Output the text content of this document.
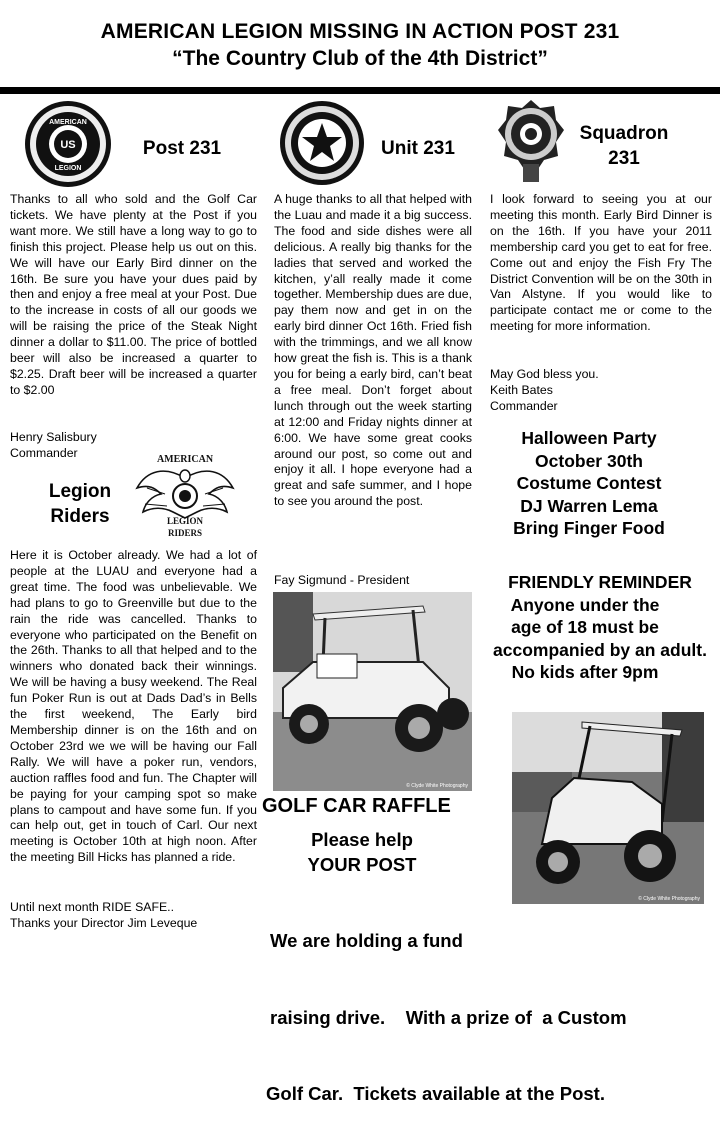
AMERICAN LEGION MISSING IN ACTION POST 231
“The Country Club of the 4th District”
US
AMERICAN
LEGION
Post 231	Unit 231
Squadron
231
Thanks to all who sold and the Golf Car tickets. We have plenty at the Post if you want more. We still have a long way to go to finish this project. Please help us out on this. We will have our Early Bird dinner on the 16th. Be sure you have your dues paid by then and enjoy a free meal at your Post. Due to the increase in costs of all our goods we will be raising the price of the Steak Night dinner a dollar to $11.00. The price of bottled beer will also be increased a quarter to $2.25. Draft beer will be increased a quarter to $2.00
Henry Salisbury
Commander
Legion
Riders
AMERICAN
LEGION
RIDERS
Here it is October already. We had a lot of people at the LUAU and everyone had a great time. The food was unbelievable. We had plans to go to Greenville but due to the rain the ride was cancelled. Thanks to everyone who participated on the Benefit on the 26th. Thanks to all that helped and to the winners who donated back their winnings. We will be having a busy weekend. The Real fun Poker Run is out at Dads Dad’s in Bells the first weekend, The Early bird Membership dinner is on the 16th and on October 23rd we we will be having our Fall Rally. We will have a poker run, vendors, auction raffles food and fun. The Chapter will be paying for your camping spot so make plans to campout and have some fun. If you can help out, get in touch of Carl. Our next meeting is October 10th at high noon. After the meeting Bill Hicks has planned a ride.
Until next month RIDE SAFE..
Thanks your Director Jim Leveque
A huge thanks to all that helped with the Luau and made it a big success. The food and side dishes were all delicious. A really big thanks for the ladies that served and worked the kitchen, y’all really made it come together. Membership dues are due, pay them now and get in on the early bird dinner Oct 16th. Fried fish with the trimmings, and we all know how great the fish is. This is a thank you for being a early bird, can’t beat a free meal. Don’t forget about lunch through out the week starting at 12:00 and Friday nights dinner at 6:00. We have some great cooks around our post, so come out and enjoy it all. I hope everyone had a great and safe summer, and I hope to see you around the post.
Fay Sigmund - President
© Clyde White Photography
I look forward to seeing you at our meeting this month. Early Bird Dinner is on the 16th. If you have your 2011 membership card you get to eat for free. Come out and enjoy the Fish Fry The District Convention will be on the 30th in Van Alstyne. If you would like to participate contact me or come to the meeting for more information.
May God bless you.
Keith Bates
Commander
Halloween Party
October 30th
Costume Contest
DJ Warren Lema
Bring Finger Food
FRIENDLY REMINDER
Anyone under the
age of 18 must be
accompanied by an adult.
No kids after 9pm
© Clyde White Photography
GOLF CAR RAFFLE
Please help
YOUR POST

We are holding a fund

raising drive.    With a prize of  a Custom

Golf Car.  Tickets available at the Post.
